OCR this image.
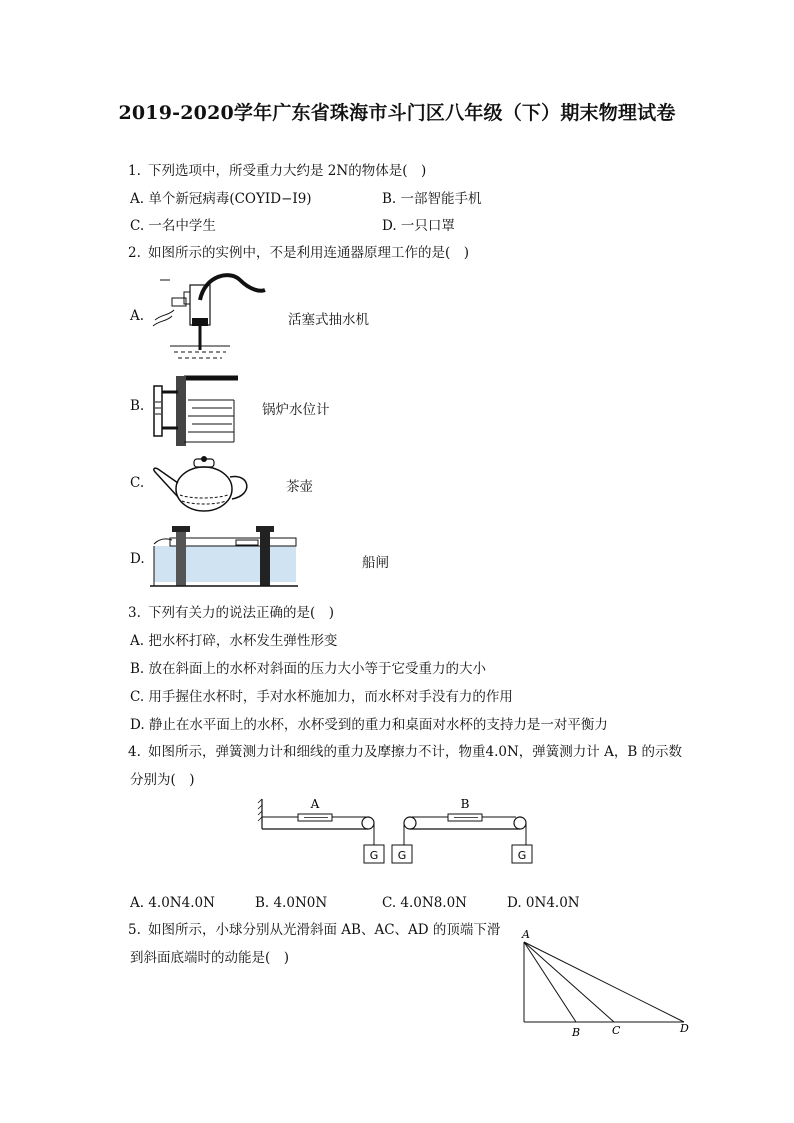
2019-2020学年广东省珠海市斗门区八年级（下）期末物理试卷
1. 下列选项中，所受重力大约是 2N的物体是(　)
A. 单个新冠病毒(COYID−I9)	B. 一部智能手机
C. 一名中学生	D. 一只口罩
2. 如图所示的实例中，不是利用连通器原理工作的是(　)
A.	活塞式抽水机
B.	锅炉水位计
C.	茶壶
D.	船闸
3. 下列有关力的说法正确的是(　)
A. 把水杯打碎，水杯发生弹性形变
B. 放在斜面上的水杯对斜面的压力大小等于它受重力的大小
C. 用手握住水杯时，手对水杯施加力，而水杯对手没有力的作用
D. 静止在水平面上的水杯，水杯受到的重力和桌面对水杯的支持力是一对平衡力
4. 如图所示，弹簧测力计和细线的重力及摩擦力不计，物重4.0N，弹簧测力计 A，B 的示数
分别为(　)
G
A
G	G
B
A. 4.0N4.0N	B. 4.0N0N	C. 4.0N8.0N	D. 0N4.0N
5. 如图所示，小球分别从光滑斜面 AB、AC、AD 的顶端下滑
到斜面底端时的动能是(　)
A
B	C	D
